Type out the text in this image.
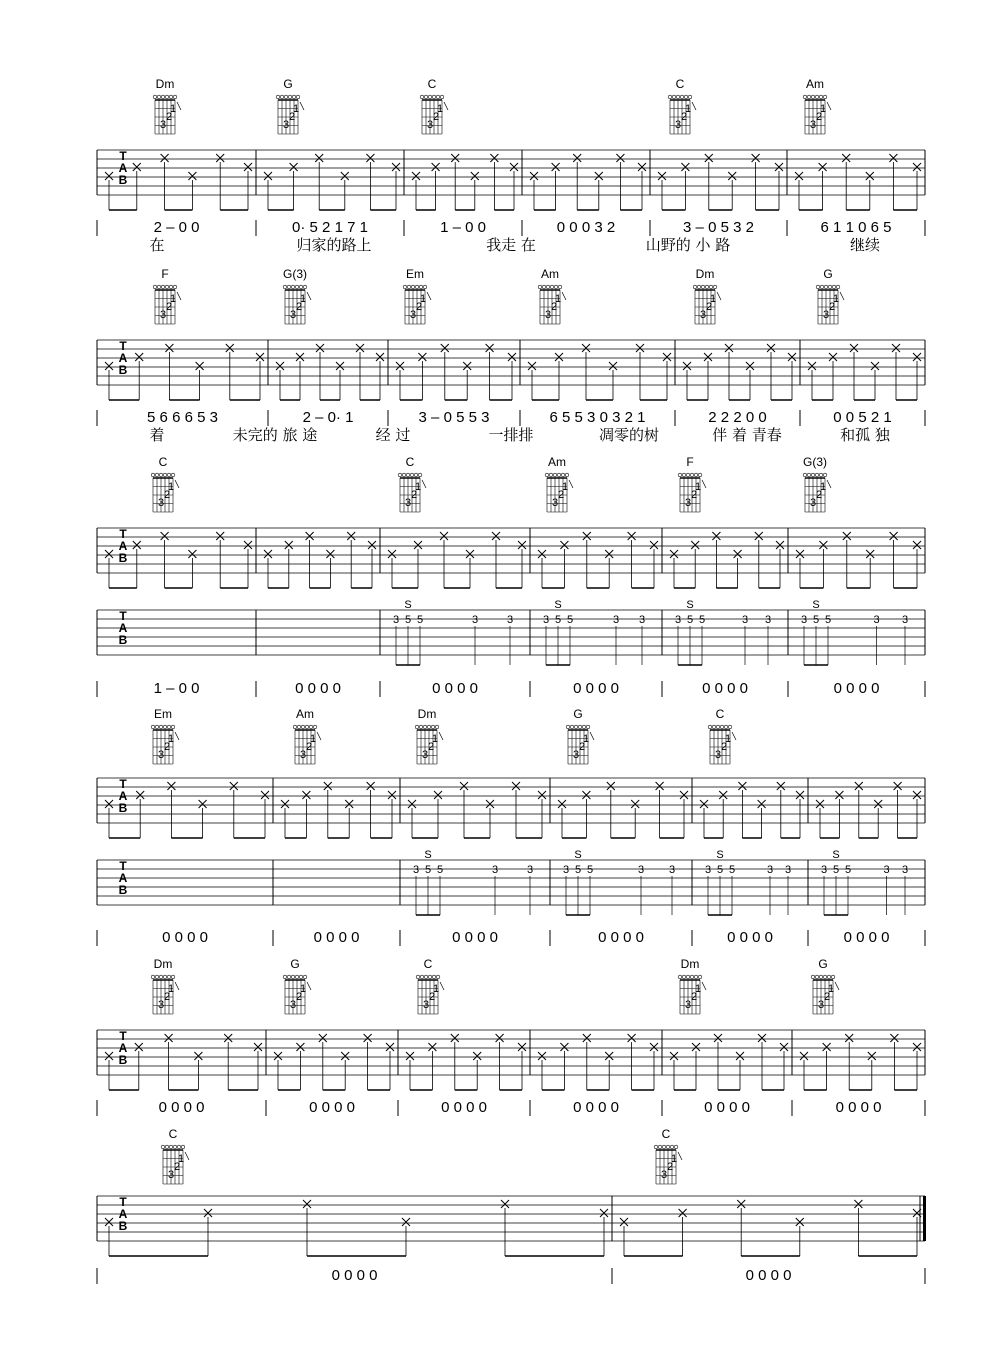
Dm
1
2
3
G
1
2
3
C
1
2
3
C
1
2
3
Am
1
2
3
T
A
B
2 – 0 0	0· 5 2 1 7 1	1 – 0 0	0 0 0 3 2	3 – 0 5 3 2	6 1 1 0 6 5
在	归家的路上	我走 在	山野的 小 路	继续
F
1
2
3
G(3)
1
2
3
Em
1
2
3
Am
1
2
3
Dm
1
2
3
G
1
2
3
T
A
B
5 6 6 6 5 3	2 – 0· 1	3 – 0 5 5 3	6 5 5 3 0 3 2 1	2 2 2 0 0	0 0 5 2 1
着	未完的 旅 途	经 过	一排排	凋零的树	伴 着 青春	和孤 独
C
1
2
3
C
1
2
3
Am
1
2
3
F
1
2
3
G(3)
1
2
3
T
A
B
T
A
B
3 5 5	3	3
S
3 5 5	3 3
S
3 5 5	3 3
S
3 5 5	3 3
S
1 – 0 0	0 0 0 0	0 0 0 0	0 0 0 0	0 0 0 0	0 0 0 0
Em
1
2
3
Am
1
2
3
Dm
1
2
3
G
1
2
3
C
1
2
3
T
A
B
T
A
B
3 5 5	3	3
S
3 5 5	3 3
S
3 5 5	3 3
S
3 5 5	3 3
S
0 0 0 0	0 0 0 0	0 0 0 0	0 0 0 0	0 0 0 0	0 0 0 0
Dm
1
2
3
G
1
2
3
C
1
2
3
Dm
1
2
3
G
1
2
3
T
A
B
0 0 0 0	0 0 0 0	0 0 0 0	0 0 0 0	0 0 0 0	0 0 0 0
C
1
2
3
C
1
2
3
T
A
B
0 0 0 0	0 0 0 0
